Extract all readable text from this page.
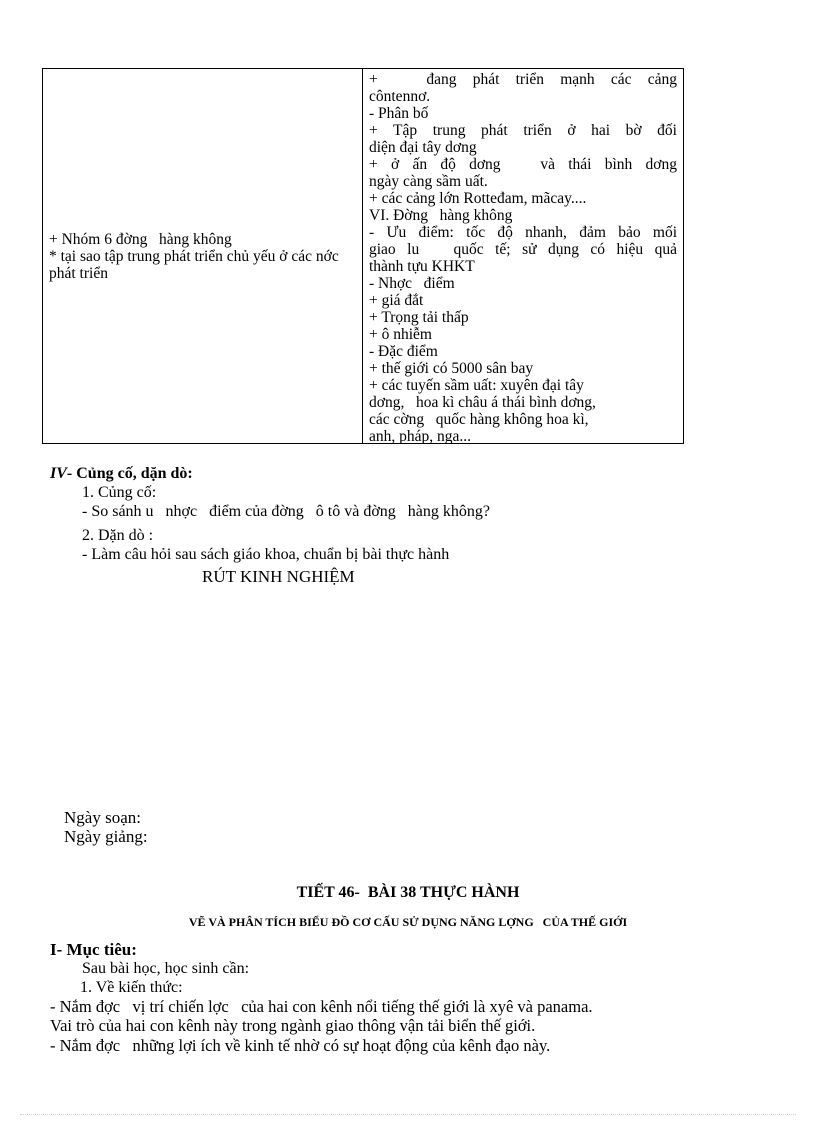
+ Nhóm 6 đờng   hàng không
* tại sao tập trung phát triển chủ yếu ở các nớc   phát triển
+   đang phát triển mạnh các cảng
côntennơ.
- Phân bố
+ Tập trung phát triển ở hai bờ đối
diện đại tây dơng
+ ở ấn độ dơng   và thái bình dơng
ngày càng sầm uất.
+ các cảng lớn Rotteđam, mãcay....
VI. Đờng   hàng không
- Ưu điểm: tốc độ nhanh, đảm bảo mối
giao lu   quốc tế; sử dụng có hiệu quả
thành tựu KHKT
- Nhợc   điểm
+ giá đắt
+ Trọng tải thấp
+ ô nhiễm
- Đặc điểm
+ thế giới có 5000 sân bay
+ các tuyến sầm uất: xuyên đại tây
dơng,   hoa kì châu á thái bình dơng,
các cờng   quốc hàng không hoa kì,
anh, pháp, nga...
IV- Củng cố, dặn dò:
1. Củng cố:
- So sánh u   nhợc   điểm của đờng   ô tô và đờng   hàng không?
2. Dặn dò :
- Làm câu hỏi sau sách giáo khoa, chuẩn bị bài thực hành
RÚT KINH NGHIỆM
Ngày soạn:
Ngày giảng:
TIẾT 46-  BÀI 38 THỰC HÀNH
VẼ VÀ PHÂN TÍCH BIỂU ĐỒ CƠ CẤU SỬ DỤNG NĂNG LỢNG   CỦA THẾ GIỚI
I- Mục tiêu:
Sau bài học, học sinh cần:
1. Về kiến thức:
- Nắm đợc   vị trí chiến lợc   của hai con kênh nổi tiếng thế giới là xyê và panama.
Vai trò của hai con kênh này trong ngành giao thông vận tải biển thế giới.
- Nắm đợc   những lợi ích về kinh tế nhờ có sự hoạt động của kênh đạo này.
